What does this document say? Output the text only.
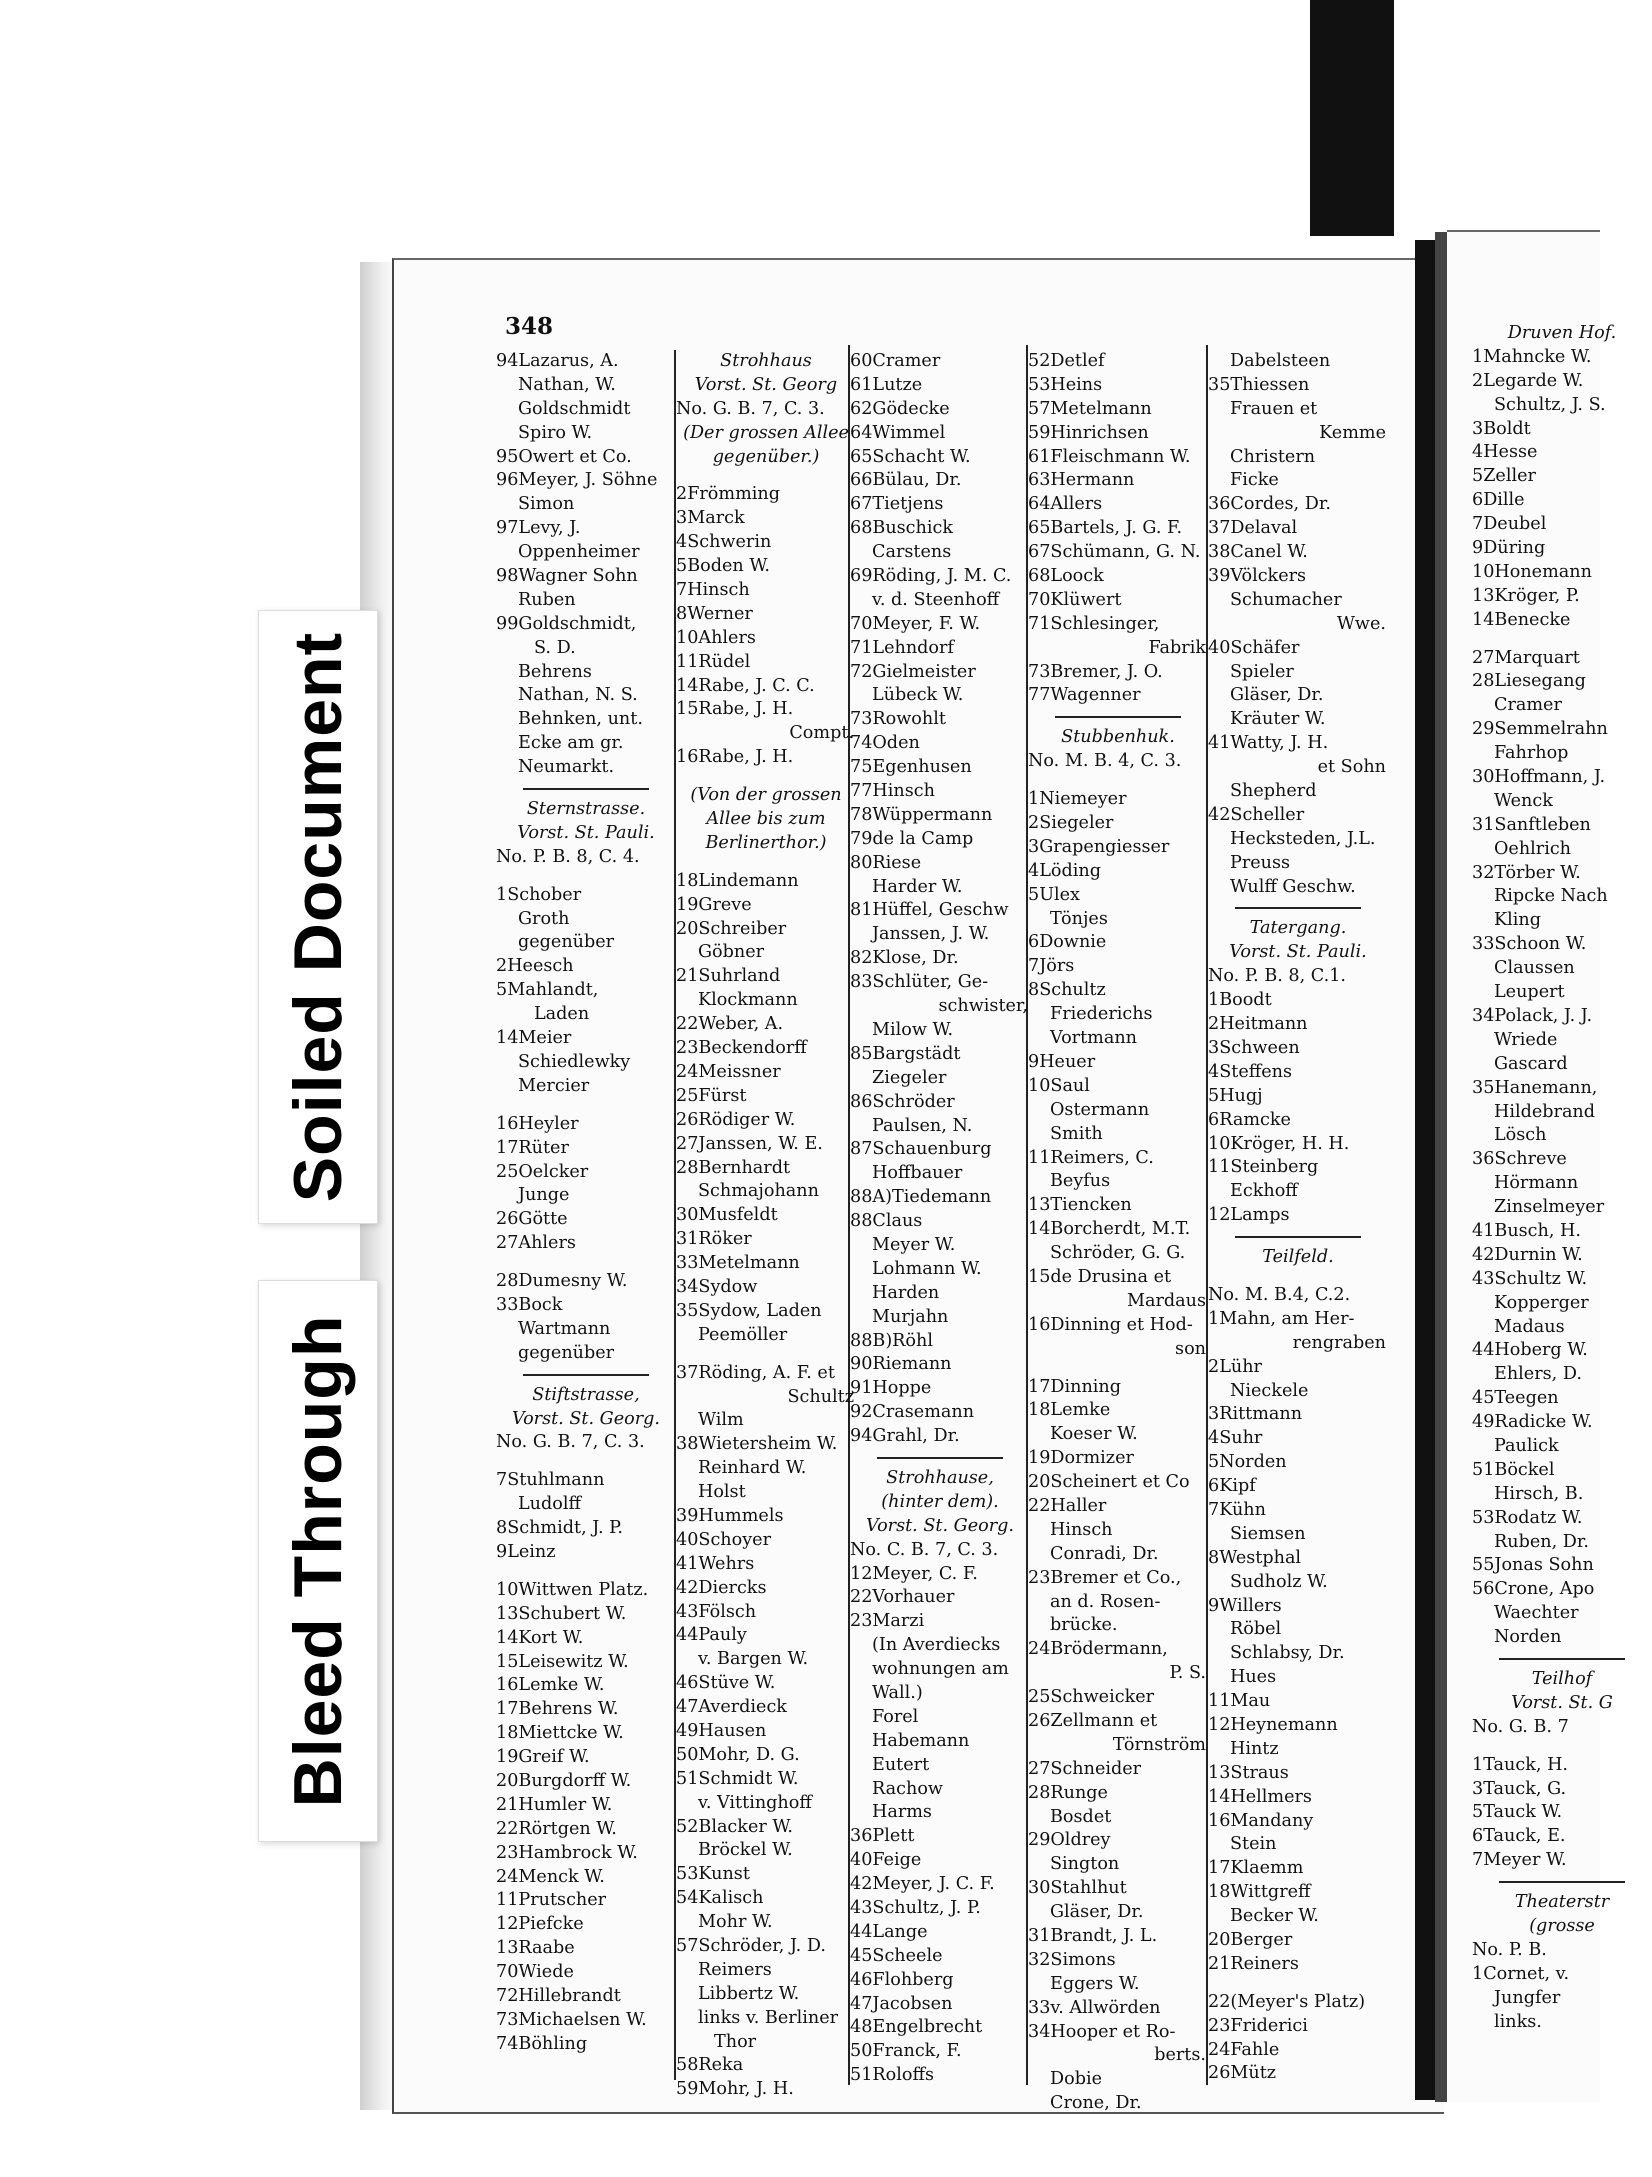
Soiled Document
Bleed Through
348
94Lazarus, A.
Nathan, W.
Goldschmidt
Spiro W.
95Owert et Co.
96Meyer, J. Söhne
Simon
97Levy, J.
Oppenheimer
98Wagner Sohn
Ruben
99Goldschmidt,
S. D.
Behrens
Nathan, N. S.
Behnken, unt.
Ecke am gr.
Neumarkt.
Sternstrasse.
Vorst. St. Pauli.
No. P. B. 8, C. 4.
1Schober
Groth
gegenüber
2Heesch
5Mahlandt,
Laden
14Meier
Schiedlewky
Mercier
16Heyler
17Rüter
25Oelcker
Junge
26Götte
27Ahlers
28Dumesny W.
33Bock
Wartmann
gegenüber
Stiftstrasse,
Vorst. St. Georg.
No. G. B. 7, C. 3.
7Stuhlmann
Ludolff
8Schmidt, J. P.
9Leinz
10Wittwen Platz.
13Schubert W.
14Kort W.
15Leisewitz W.
16Lemke W.
17Behrens W.
18Miettcke W.
19Greif W.
20Burgdorff W.
21Humler W.
22Rörtgen W.
23Hambrock W.
24Menck W.
11Prutscher
12Piefcke
13Raabe
70Wiede
72Hillebrandt
73Michaelsen W.
74Böhling
Strohhaus
Vorst. St. Georg
No. G. B. 7, C. 3.
(Der grossen Allee
gegenüber.)
2Frömming
3Marck
4Schwerin
5Boden W.
7Hinsch
8Werner
10Ahlers
11Rüdel
14Rabe, J. C. C.
15Rabe, J. H.
Compt.
16Rabe, J. H.
(Von der grossen
Allee bis zum
Berlinerthor.)
18Lindemann
19Greve
20Schreiber
Göbner
21Suhrland
Klockmann
22Weber, A.
23Beckendorff
24Meissner
25Fürst
26Rödiger W.
27Janssen, W. E.
28Bernhardt
Schmajohann
30Musfeldt
31Röker
33Metelmann
34Sydow
35Sydow, Laden
Peemöller
37Röding, A. F. et
Schultz
Wilm
38Wietersheim W.
Reinhard W.
Holst
39Hummels
40Schoyer
41Wehrs
42Diercks
43Fölsch
44Pauly
v. Bargen W.
46Stüve W.
47Averdieck
49Hausen
50Mohr, D. G.
51Schmidt W.
v. Vittinghoff
52Blacker W.
Bröckel W.
53Kunst
54Kalisch
Mohr W.
57Schröder, J. D.
Reimers
Libbertz W.
links v. Berliner
Thor
58Reka
59Mohr, J. H.
60Cramer
61Lutze
62Gödecke
64Wimmel
65Schacht W.
66Bülau, Dr.
67Tietjens
68Buschick
Carstens
69Röding, J. M. C.
v. d. Steenhoff
70Meyer, F. W.
71Lehndorf
72Gielmeister
Lübeck W.
73Rowohlt
74Oden
75Egenhusen
77Hinsch
78Wüppermann
79de la Camp
80Riese
Harder W.
81Hüffel, Geschw
Janssen, J. W.
82Klose, Dr.
83Schlüter, Ge-
schwister,
Milow W.
85Bargstädt
Ziegeler
86Schröder
Paulsen, N.
87Schauenburg
Hoffbauer
88A)Tiedemann
88Claus
Meyer W.
Lohmann W.
Harden
Murjahn
88B)Röhl
90Riemann
91Hoppe
92Crasemann
94Grahl, Dr.
Strohhause,
(hinter dem).
Vorst. St. Georg.
No. C. B. 7, C. 3.
12Meyer, C. F.
22Vorhauer
23Marzi
(In Averdiecks
wohnungen am
Wall.)
Forel
Habemann
Eutert
Rachow
Harms
36Plett
40Feige
42Meyer, J. C. F.
43Schultz, J. P.
44Lange
45Scheele
46Flohberg
47Jacobsen
48Engelbrecht
50Franck, F.
51Roloffs
52Detlef
53Heins
57Metelmann
59Hinrichsen
61Fleischmann W.
63Hermann
64Allers
65Bartels, J. G. F.
67Schümann, G. N.
68Loock
70Klüwert
71Schlesinger,
Fabrik
73Bremer, J. O.
77Wagenner
Stubbenhuk.
No. M. B. 4, C. 3.
1Niemeyer
2Siegeler
3Grapengiesser
4Löding
5Ulex
Tönjes
6Downie
7Jörs
8Schultz
Friederichs
Vortmann
9Heuer
10Saul
Ostermann
Smith
11Reimers, C.
Beyfus
13Tiencken
14Borcherdt, M.T.
Schröder, G. G.
15de Drusina et
Mardaus
16Dinning et Hod-
son
17Dinning
18Lemke
Koeser W.
19Dormizer
20Scheinert et Co
22Haller
Hinsch
Conradi, Dr.
23Bremer et Co.,
an d. Rosen-
brücke.
24Brödermann,
P. S.
25Schweicker
26Zellmann et
Törnström
27Schneider
28Runge
Bosdet
29Oldrey
Sington
30Stahlhut
Gläser, Dr.
31Brandt, J. L.
32Simons
Eggers W.
33v. Allwörden
34Hooper et Ro-
berts.
Dobie
Crone, Dr.
Dabelsteen
35Thiessen
Frauen et
Kemme
Christern
Ficke
36Cordes, Dr.
37Delaval
38Canel W.
39Völckers
Schumacher
Wwe.
40Schäfer
Spieler
Gläser, Dr.
Kräuter W.
41Watty, J. H.
et Sohn
Shepherd
42Scheller
Hecksteden, J.L.
Preuss
Wulff Geschw.
Tatergang.
Vorst. St. Pauli.
No. P. B. 8, C.1.
1Boodt
2Heitmann
3Schween
4Steffens
5Hugj
6Ramcke
10Kröger, H. H.
11Steinberg
Eckhoff
12Lamps
Teilfeld.
No. M. B.4, C.2.
1Mahn, am Her-
rengraben
2Lühr
Nieckele
3Rittmann
4Suhr
5Norden
6Kipf
7Kühn
Siemsen
8Westphal
Sudholz W.
9Willers
Röbel
Schlabsy, Dr.
Hues
11Mau
12Heynemann
Hintz
13Straus
14Hellmers
16Mandany
Stein
17Klaemm
18Wittgreff
Becker W.
20Berger
21Reiners
22(Meyer's Platz)
23Friderici
24Fahle
26Mütz
Druven Hof.
1Mahncke W.
2Legarde W.
Schultz, J. S.
3Boldt
4Hesse
5Zeller
6Dille
7Deubel
9Düring
10Honemann
13Kröger, P.
14Benecke
27Marquart
28Liesegang
Cramer
29Semmelrahn
Fahrhop
30Hoffmann, J.
Wenck
31Sanftleben
Oehlrich
32Törber W.
Ripcke Nach
Kling
33Schoon W.
Claussen
Leupert
34Polack, J. J.
Wriede
Gascard
35Hanemann,
Hildebrand
Lösch
36Schreve
Hörmann
Zinselmeyer
41Busch, H.
42Durnin W.
43Schultz W.
Kopperger
Madaus
44Hoberg W.
Ehlers, D.
45Teegen
49Radicke W.
Paulick
51Böckel
Hirsch, B.
53Rodatz W.
Ruben, Dr.
55Jonas Sohn
56Crone, Apo
Waechter
Norden
Teilhof
Vorst. St. G
No. G. B. 7
1Tauck, H.
3Tauck, G.
5Tauck W.
6Tauck, E.
7Meyer W.
Theaterstr
(grosse
No. P. B.
1Cornet, v.
Jungfer
links.
